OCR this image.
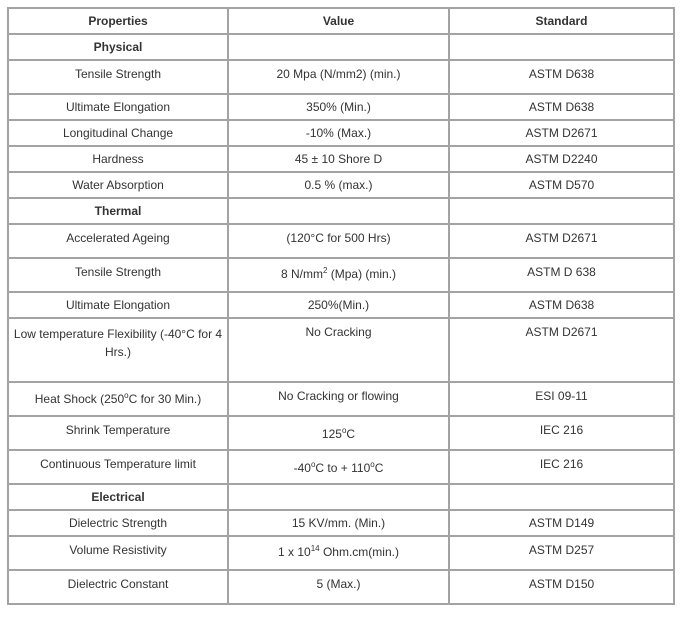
Properties	Value	Standard
Physical		
Tensile Strength	20 Mpa (N/mm2) (min.)	ASTM D638
Ultimate Elongation	350% (Min.)	ASTM D638
Longitudinal Change	-10% (Max.)	ASTM D2671
Hardness	45 ± 10 Shore D	ASTM D2240
Water Absorption	0.5 % (max.)	ASTM D570
Thermal		
Accelerated Ageing	(120°C for 500 Hrs)	ASTM D2671
Tensile Strength	8 $N/mm^2$ (Mpa) (min.)	ASTM D 638
Ultimate Elongation	250%(Min.)	ASTM D638
Low temperature Flexibility (-40°C for 4 Hrs.)	No Cracking	ASTM D2671
Heat Shock (250$^o$C for 30 Min.)	No Cracking or flowing	ESI 09-11
Shrink Temperature	125$^o$C	IEC 216
Continuous Temperature limit	-40$^o$C to + $110^oC$	IEC 216
Electrical		
Dielectric Strength	15 KV/mm. (Min.)	ASTM D149
Volume Resistivity	1 x $10^{14}$ Ohm.cm(min.)	ASTM D257
Dielectric Constant	5 (Max.)	ASTM D150
